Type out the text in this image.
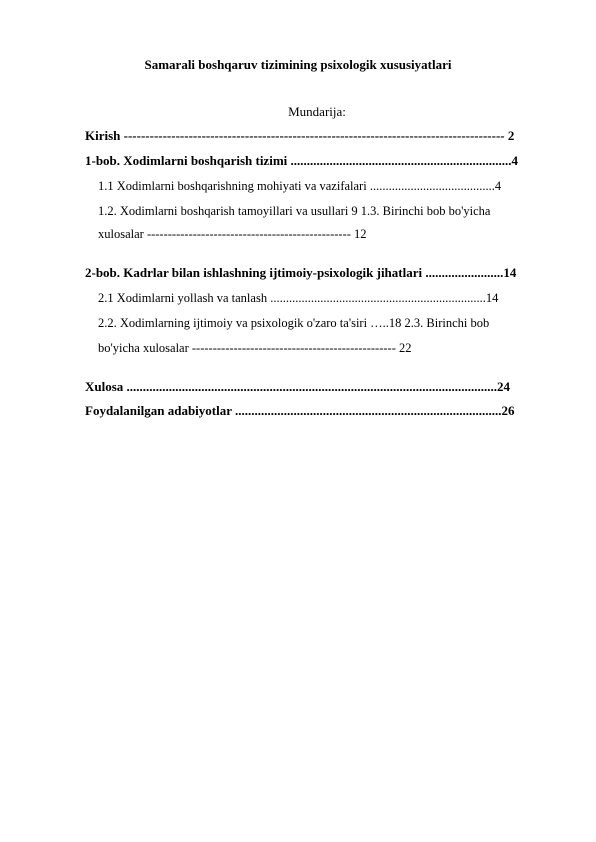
Samarali boshqaruv tizimining psixologik xususiyatlari
Mundarija:
Kirish ---------------------------------------------------------------------------------------- 2
1-bob. Xodimlarni boshqarish tizimi ....................................................................4
1.1 Xodimlarni boshqarishning mohiyati va vazifalari ........................................4
1.2. Xodimlarni boshqarish tamoyillari va usullari 9 1.3. Birinchi bob bo'yicha
xulosalar ------------------------------------------------- 12
2-bob. Kadrlar bilan ishlashning ijtimoiy-psixologik jihatlari ........................14
2.1 Xodimlarni yollash va tanlash .....................................................................14
2.2. Xodimlarning ijtimoiy va psixologik o'zaro ta'siri …..18 2.3. Birinchi bob
bo'yicha xulosalar ------------------------------------------------- 22
Xulosa ..................................................................................................................24
Foydalanilgan adabiyotlar ..................................................................................26
